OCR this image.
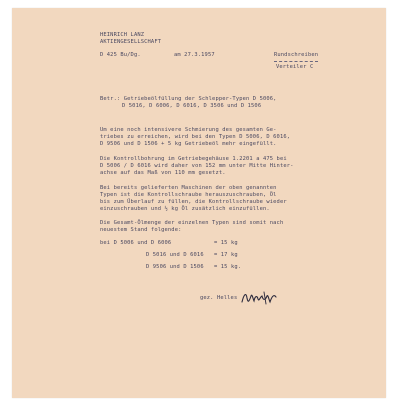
HEINRICH LANZ
AKTIENGESELLSCHAFT
D 425 Bu/Dg.	am 27.3.1957	Rundschreiben
Verteiler C
Betr.: Getriebeölfüllung der Schlepper-Typen D 5006,
D 5016, D 6006, D 6016, D 3506 und D 1506
Um eine noch intensivere Schmierung des gesamten Ge-
triebes zu erreichen, wird bei den Typen D 5006, D 6016,
D 9506 und D 1506 + 5 kg Getriebeöl mehr eingefüllt.
Die Kontrollbohrung im Getriebegehäuse 1.2201 a 475 bei
D 5006 / D 6016 wird daher von 152 mm unter Mitte Hinter-
achse auf das Maß von 110 mm gesetzt.
Bei bereits gelieferten Maschinen der oben genannten
Typen ist die Kontrollschraube herauszuschrauben, Öl
bis zum Überlauf zu füllen, die Kontrollschraube wieder
einzuschrauben und ½ kg Öl zusätzlich einzufüllen.
Die Gesamt-Ölmenge der einzelnen Typen sind somit nach
neuestem Stand folgende:
bei D 5006 und D 6006	= 15 kg
D 5016 und D 6016 = 17 kg
D 9506 und D 1506 = 15 kg.
gez. Helles
